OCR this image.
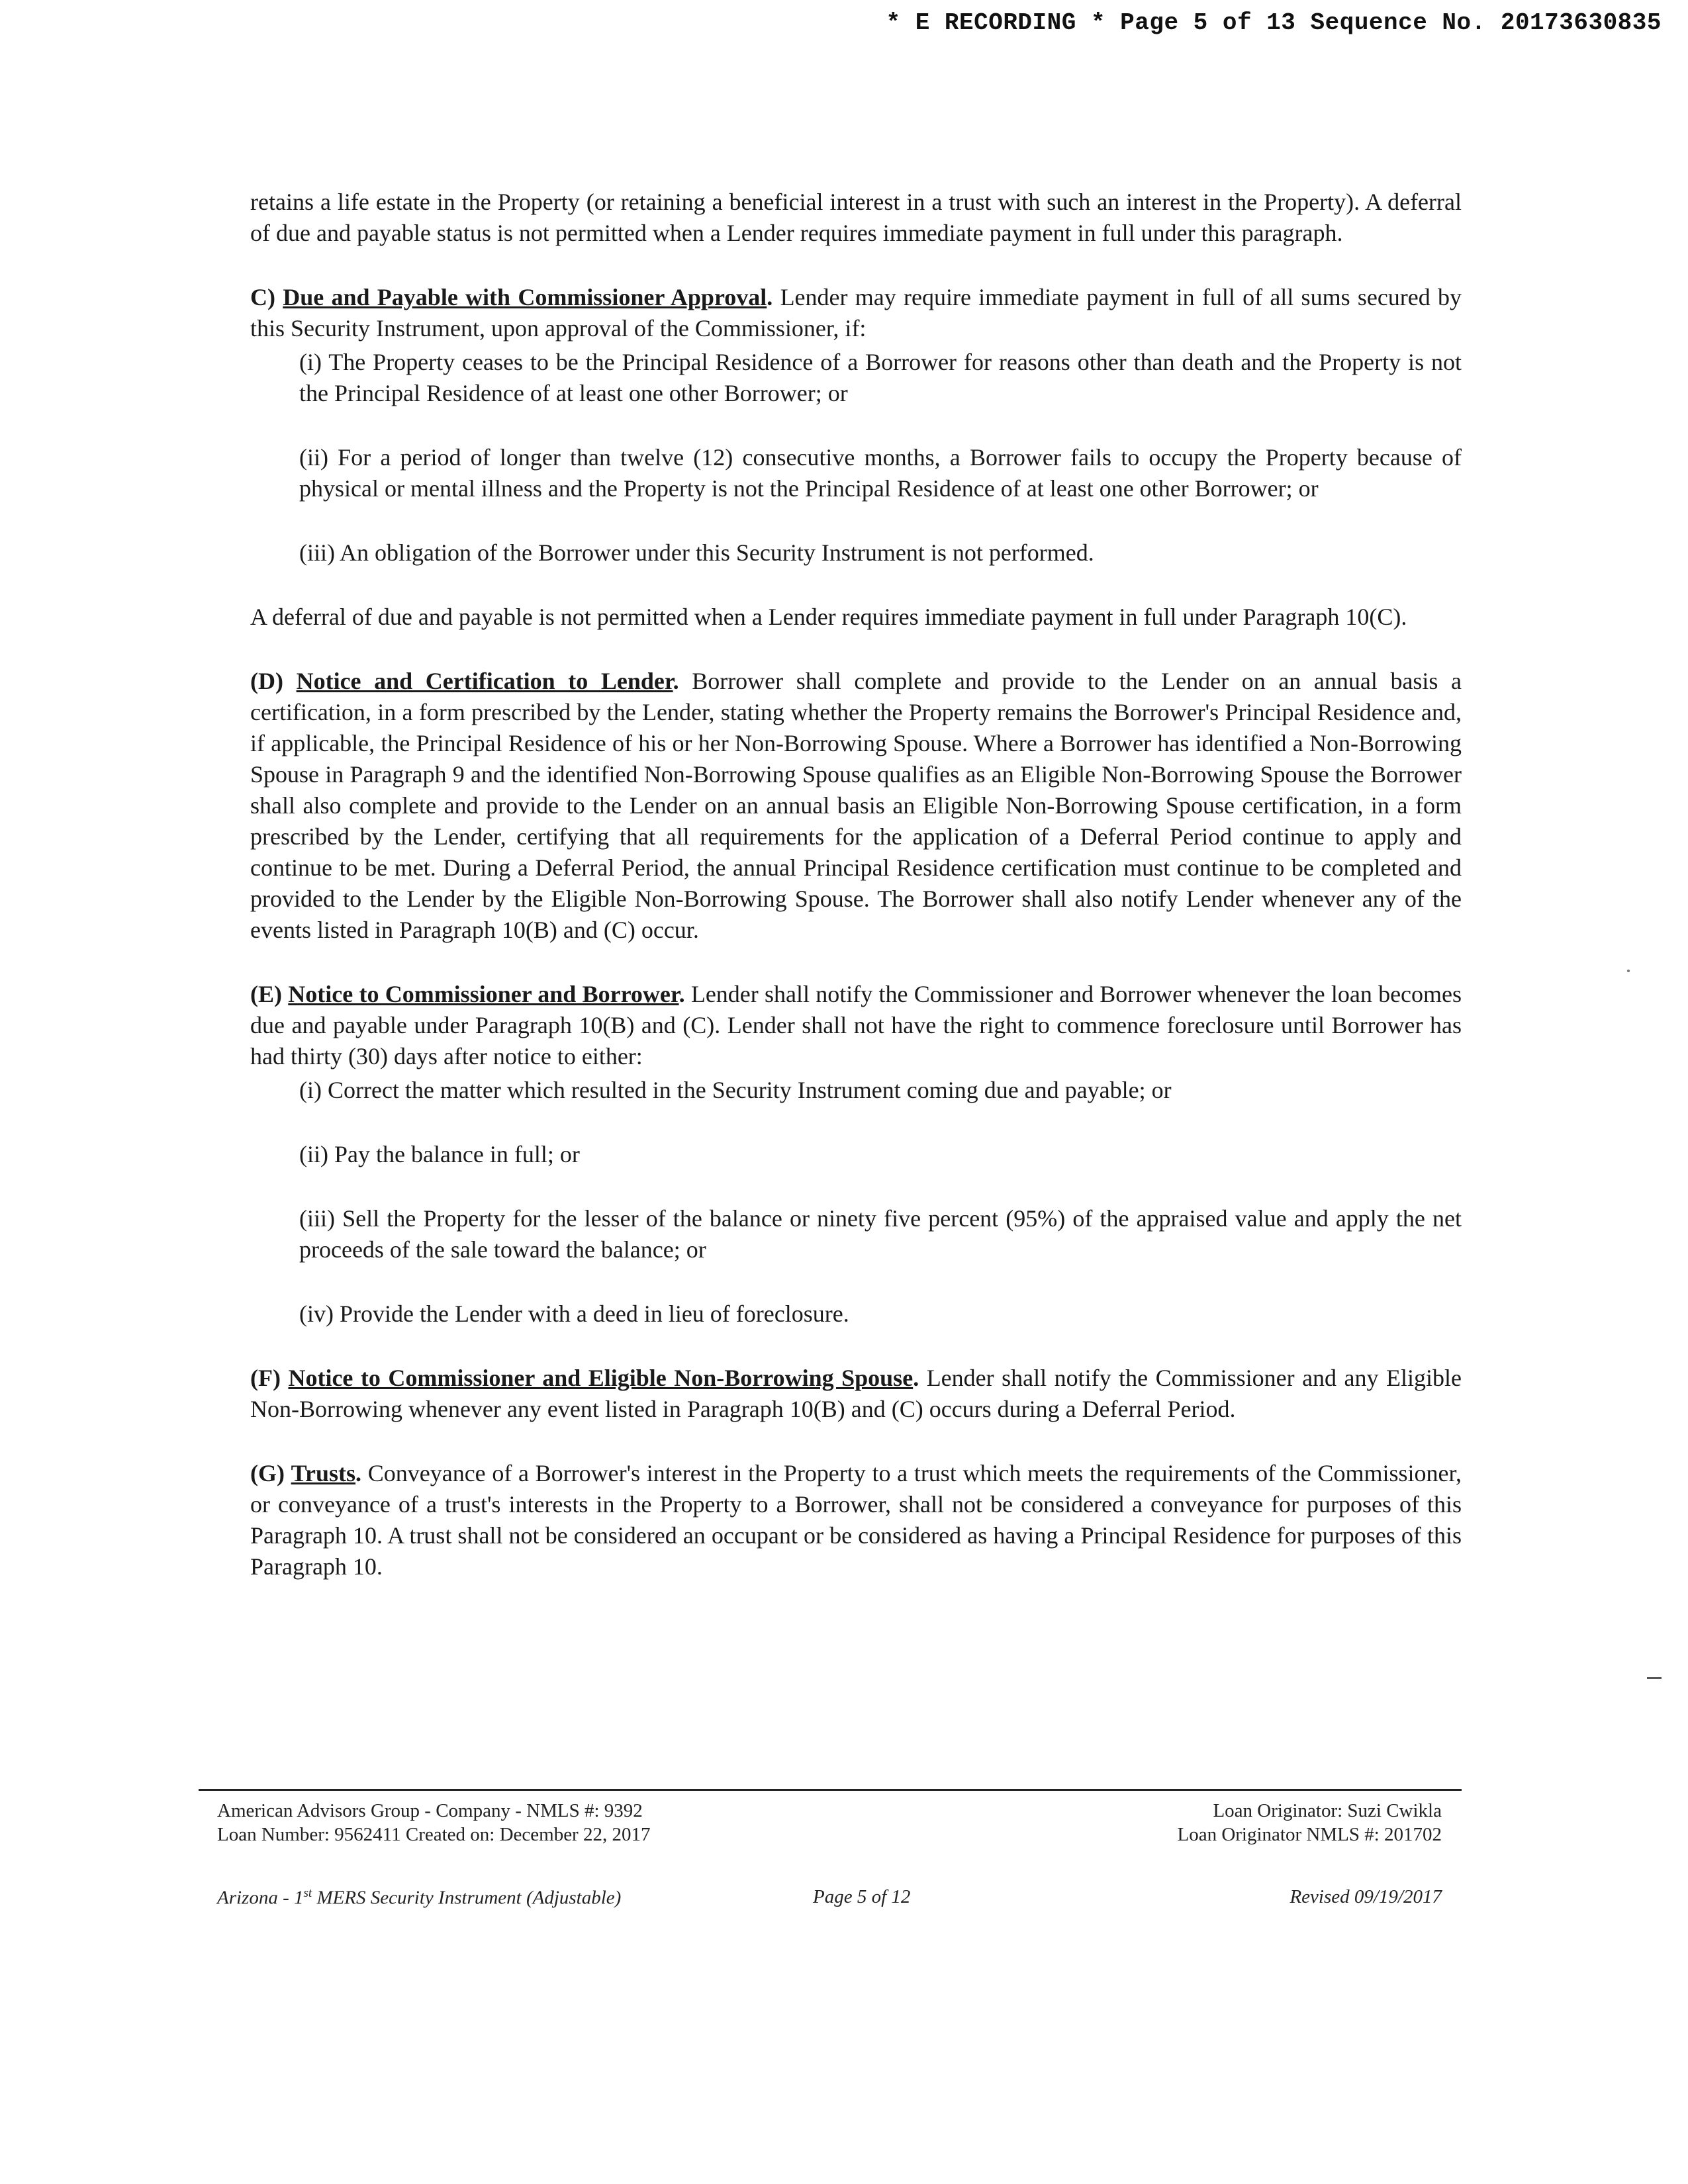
* E RECORDING * Page 5 of 13 Sequence No. 20173630835

retains a life estate in the Property (or retaining a beneficial interest in a trust with such an interest in the Property). A deferral of due and payable status is not permitted when a Lender requires immediate payment in full under this paragraph.

C) Due and Payable with Commissioner Approval. Lender may require immediate payment in full of all sums secured by this Security Instrument, upon approval of the Commissioner, if:

(i) The Property ceases to be the Principal Residence of a Borrower for reasons other than death and the Property is not the Principal Residence of at least one other Borrower; or

(ii) For a period of longer than twelve (12) consecutive months, a Borrower fails to occupy the Property because of physical or mental illness and the Property is not the Principal Residence of at least one other Borrower; or

(iii) An obligation of the Borrower under this Security Instrument is not performed.

A deferral of due and payable is not permitted when a Lender requires immediate payment in full under Paragraph 10(C).

(D) Notice and Certification to Lender. Borrower shall complete and provide to the Lender on an annual basis a certification, in a form prescribed by the Lender, stating whether the Property remains the Borrower's Principal Residence and, if applicable, the Principal Residence of his or her Non-Borrowing Spouse. Where a Borrower has identified a Non-Borrowing Spouse in Paragraph 9 and the identified Non-Borrowing Spouse qualifies as an Eligible Non-Borrowing Spouse the Borrower shall also complete and provide to the Lender on an annual basis an Eligible Non-Borrowing Spouse certification, in a form prescribed by the Lender, certifying that all requirements for the application of a Deferral Period continue to apply and continue to be met. During a Deferral Period, the annual Principal Residence certification must continue to be completed and provided to the Lender by the Eligible Non-Borrowing Spouse. The Borrower shall also notify Lender whenever any of the events listed in Paragraph 10(B) and (C) occur.

(E) Notice to Commissioner and Borrower. Lender shall notify the Commissioner and Borrower whenever the loan becomes due and payable under Paragraph 10(B) and (C). Lender shall not have the right to commence foreclosure until Borrower has had thirty (30) days after notice to either:

(i) Correct the matter which resulted in the Security Instrument coming due and payable; or

(ii) Pay the balance in full; or

(iii) Sell the Property for the lesser of the balance or ninety five percent (95%) of the appraised value and apply the net proceeds of the sale toward the balance; or

(iv) Provide the Lender with a deed in lieu of foreclosure.

(F) Notice to Commissioner and Eligible Non-Borrowing Spouse. Lender shall notify the Commissioner and any Eligible Non-Borrowing whenever any event listed in Paragraph 10(B) and (C) occurs during a Deferral Period.

(G) Trusts. Conveyance of a Borrower's interest in the Property to a trust which meets the requirements of the Commissioner, or conveyance of a trust's interests in the Property to a Borrower, shall not be considered a conveyance for purposes of this Paragraph 10. A trust shall not be considered an occupant or be considered as having a Principal Residence for purposes of this Paragraph 10.

American Advisors Group - Company - NMLS #: 9392
Loan Number: 9562411 Created on: December 22, 2017
Loan Originator: Suzi Cwikla
Loan Originator NMLS #: 201702
Arizona - 1st MERS Security Instrument (Adjustable)	Page 5 of 12	Revised 09/19/2017
